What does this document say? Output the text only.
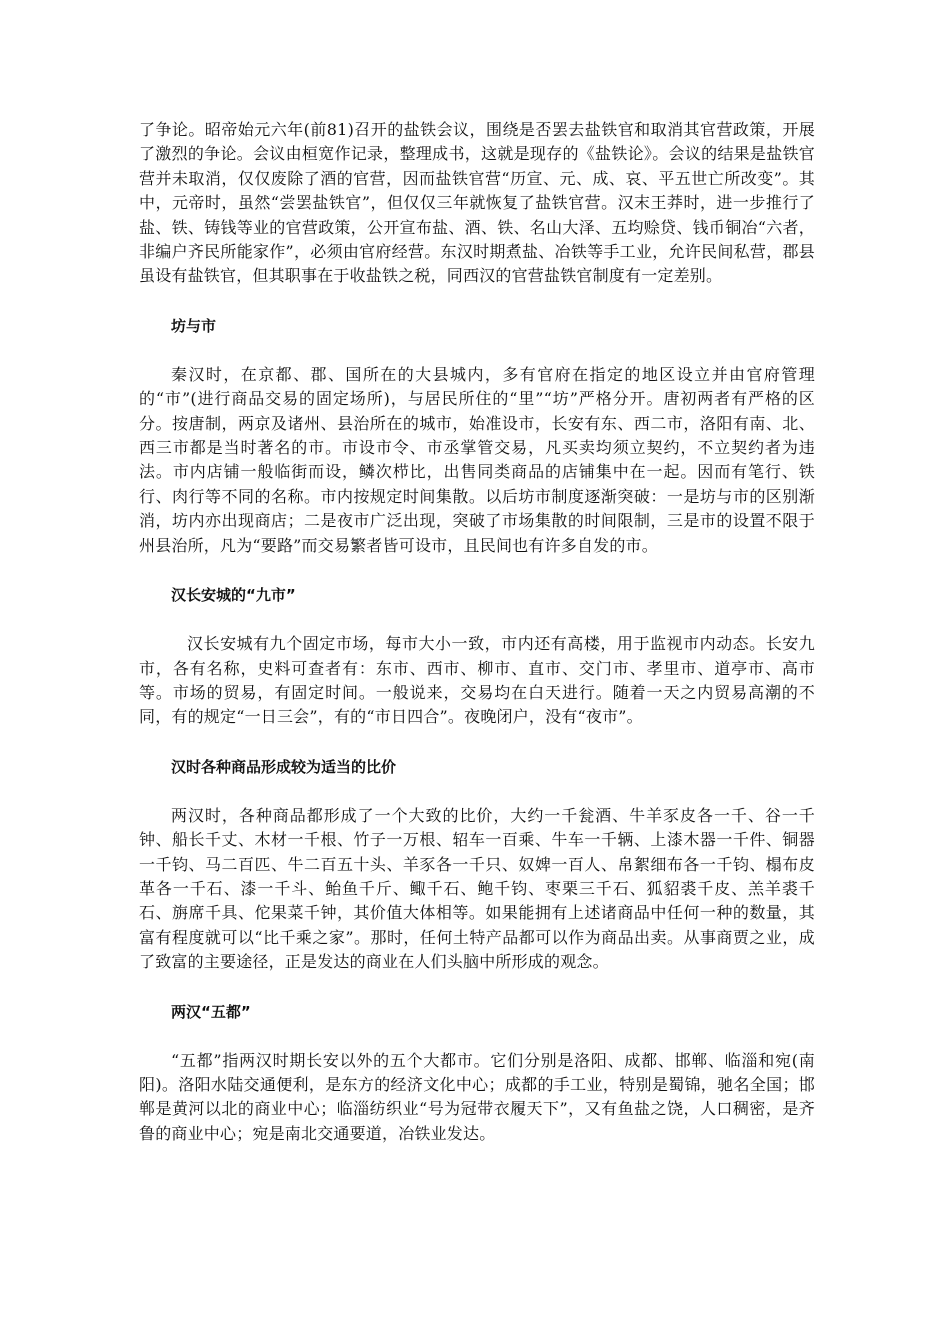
了争论。昭帝始元六年(前81)召开的盐铁会议，围绕是否罢去盐铁官和取消其官营政策，开展了激烈的争论。会议由桓宽作记录，整理成书，这就是现存的《盐铁论》。会议的结果是盐铁官营并未取消，仅仅废除了酒的官营，因而盐铁官营“历宣、元、成、哀、平五世亡所改变”。其中，元帝时，虽然“尝罢盐铁官”，但仅仅三年就恢复了盐铁官营。汉末王莽时，进一步推行了盐、铁、铸钱等业的官营政策，公开宣布盐、酒、铁、名山大泽、五均赊贷、钱币铜冶“六者，非编户齐民所能家作”，必须由官府经营。东汉时期煮盐、冶铁等手工业，允许民间私营，郡县虽设有盐铁官，但其职事在于收盐铁之税，同西汉的官营盐铁官制度有一定差别。

坊与市

秦汉时，在京都、郡、国所在的大县城内，多有官府在指定的地区设立并由官府管理的“市”(进行商品交易的固定场所)，与居民所住的“里”“坊”严格分开。唐初两者有严格的区分。按唐制，两京及诸州、县治所在的城市，始准设市，长安有东、西二市，洛阳有南、北、西三市都是当时著名的市。市设市令、市丞掌管交易，凡买卖均须立契约，不立契约者为违法。市内店铺一般临街而设，鳞次栉比，出售同类商品的店铺集中在一起。因而有笔行、铁行、肉行等不同的名称。市内按规定时间集散。以后坊市制度逐渐突破：一是坊与市的区别渐消，坊内亦出现商店；二是夜市广泛出现，突破了市场集散的时间限制，三是市的设置不限于州县治所，凡为“要路”而交易繁者皆可设市，且民间也有许多自发的市。

汉长安城的“九市”

汉长安城有九个固定市场，每市大小一致，市内还有高楼，用于监视市内动态。长安九市，各有名称，史料可查者有：东市、西市、柳市、直市、交门市、孝里市、道亭市、高市等。市场的贸易，有固定时间。一般说来，交易均在白天进行。随着一天之内贸易高潮的不同，有的规定“一日三会”，有的“市日四合”。夜晚闭户，没有“夜市”。

汉时各种商品形成较为适当的比价

两汉时，各种商品都形成了一个大致的比价，大约一千瓮酒、牛羊豕皮各一千、谷一千钟、船长千丈、木材一千根、竹子一万根、轺车一百乘、牛车一千辆、上漆木器一千件、铜器一千钧、马二百匹、牛二百五十头、羊豕各一千只、奴婢一百人、帛絮细布各一千钧、榻布皮革各一千石、漆一千斗、鲐鱼千斤、鲰千石、鲍千钧、枣栗三千石、狐貂裘千皮、羔羊裘千石、旃席千具、佗果菜千钟，其价值大体相等。如果能拥有上述诸商品中任何一种的数量，其富有程度就可以“比千乘之家”。那时，任何土特产品都可以作为商品出卖。从事商贾之业，成了致富的主要途径，正是发达的商业在人们头脑中所形成的观念。

两汉“五都”

“五都”指两汉时期长安以外的五个大都市。它们分别是洛阳、成都、邯郸、临淄和宛(南阳)。洛阳水陆交通便利，是东方的经济文化中心；成都的手工业，特别是蜀锦，驰名全国；邯郸是黄河以北的商业中心；临淄纺织业“号为冠带衣履天下”，又有鱼盐之饶，人口稠密，是齐鲁的商业中心；宛是南北交通要道，冶铁业发达。
